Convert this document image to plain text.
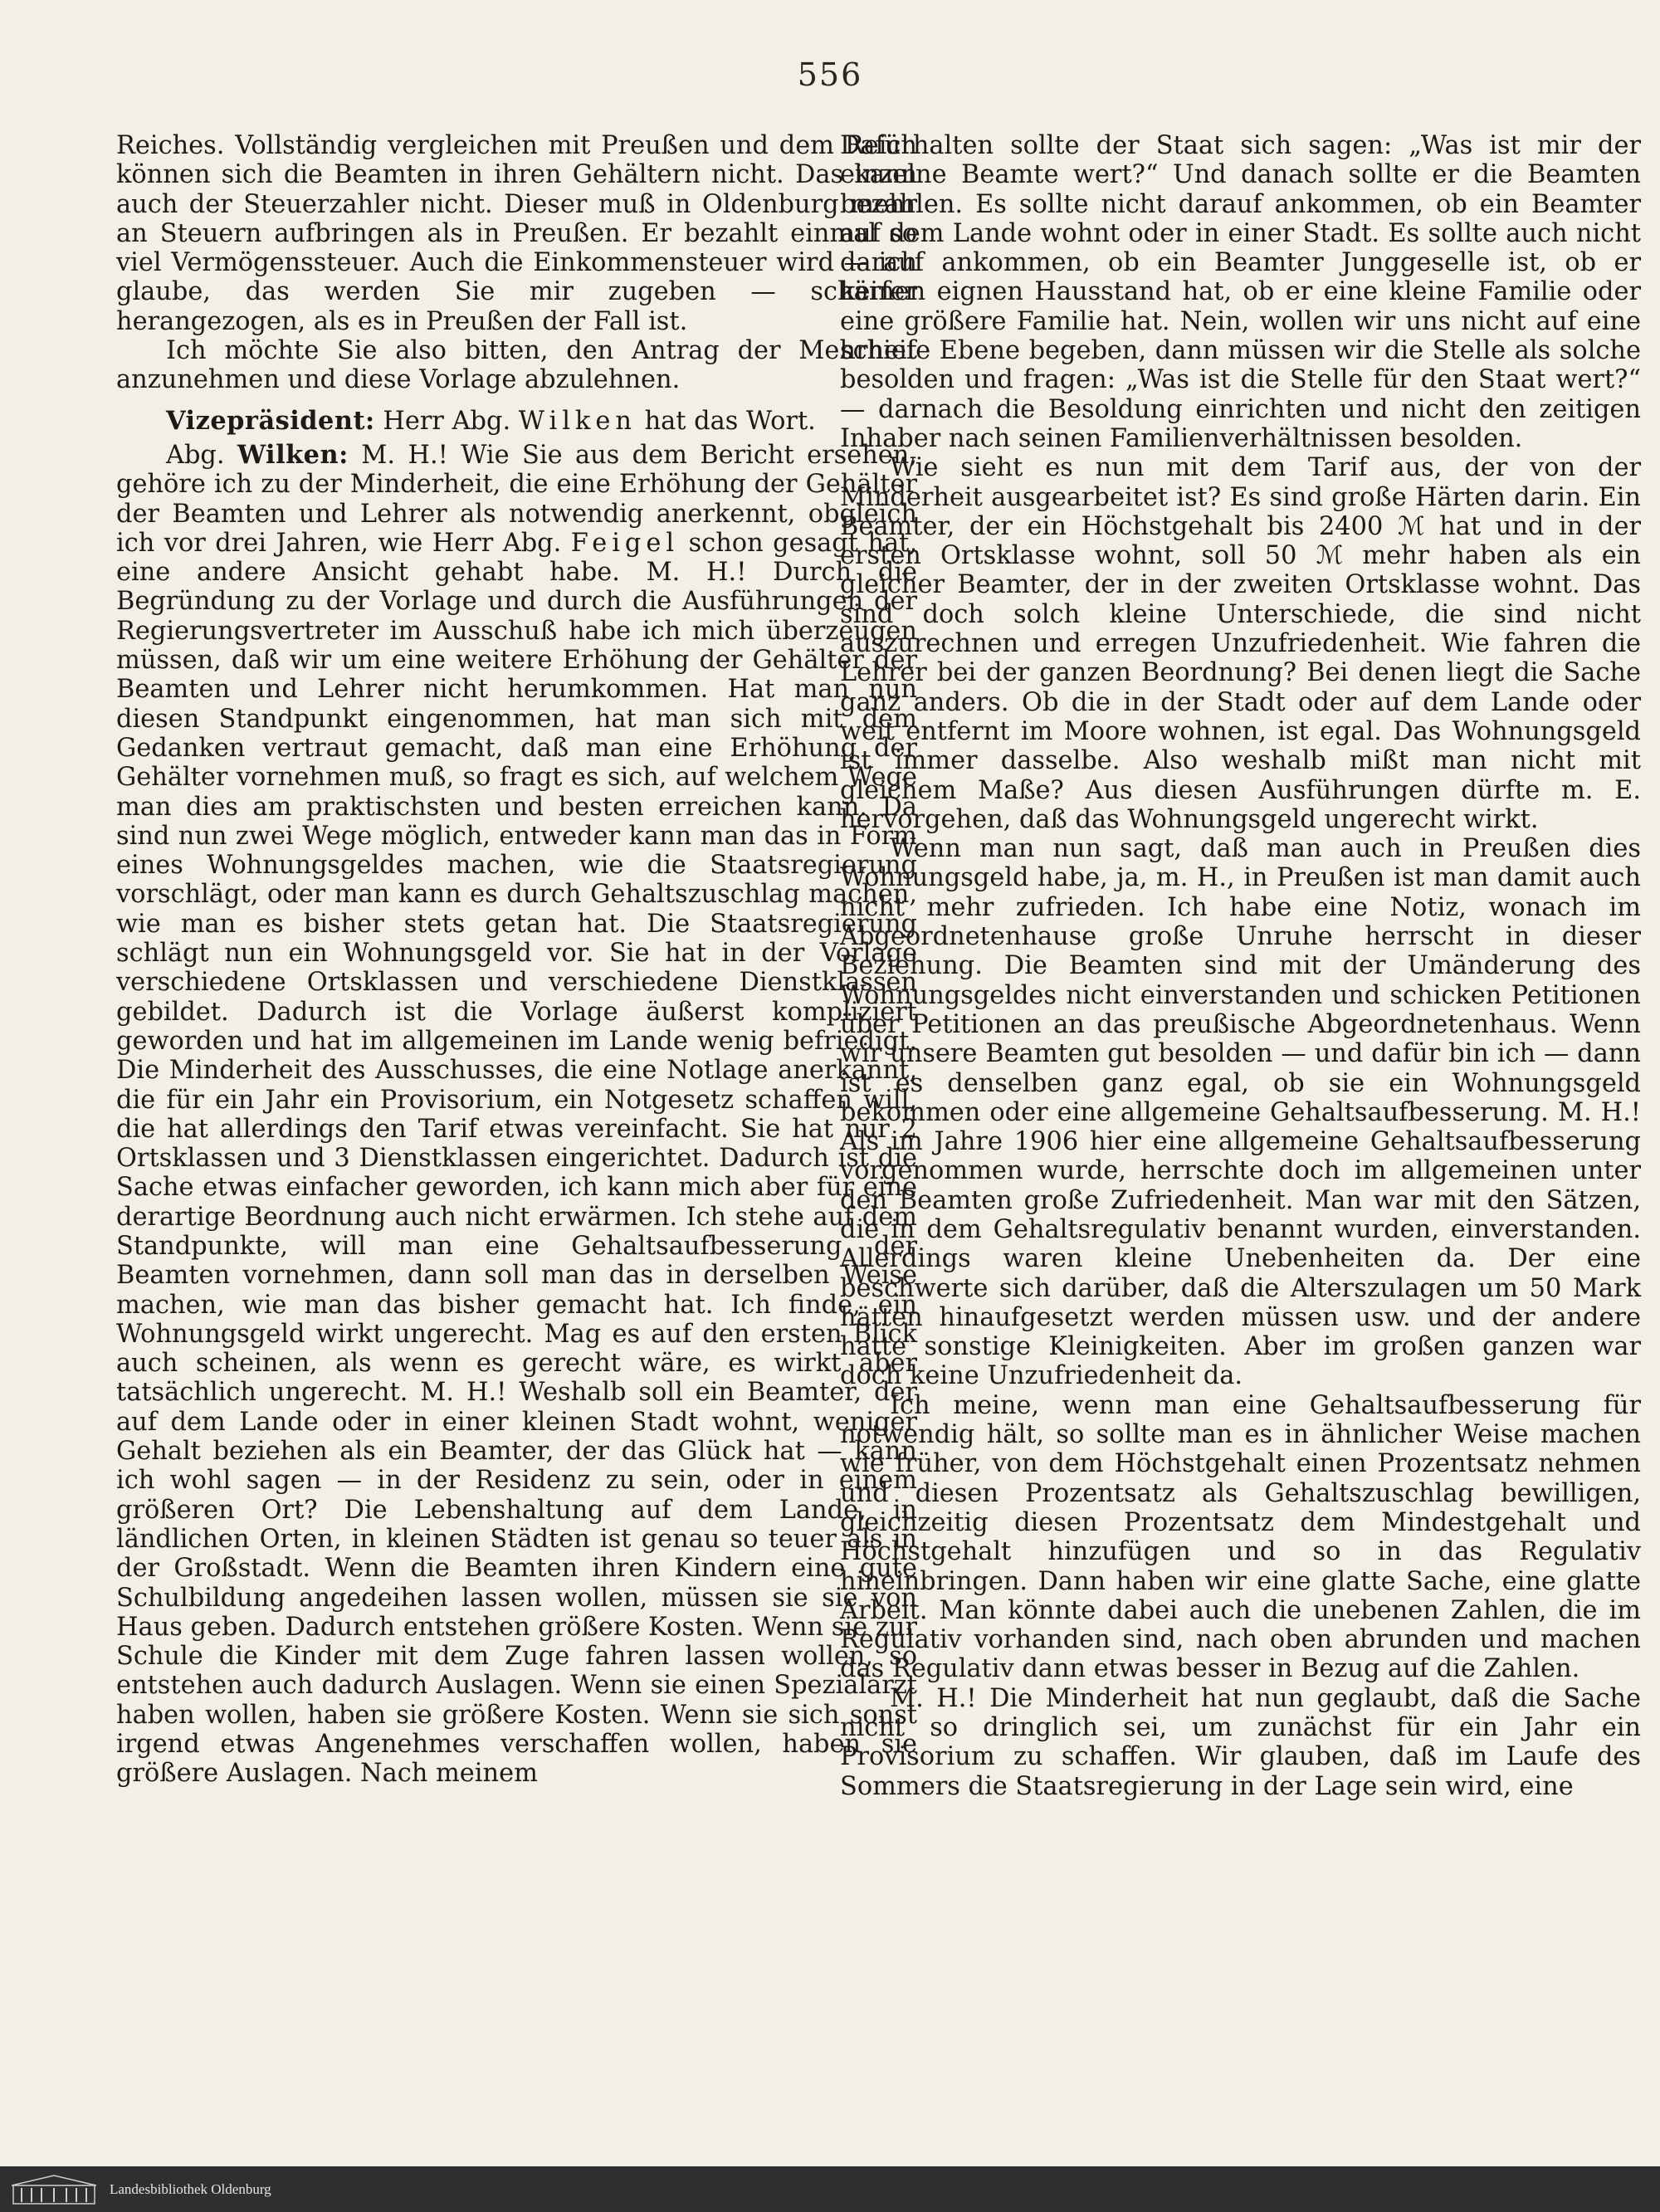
556

Reiches. Vollständig vergleichen mit Preußen und dem Reich können sich die Beamten in ihren Gehältern nicht. Das kann auch der Steuerzahler nicht. Dieser muß in Oldenburg mehr an Steuern aufbringen als in Preußen. Er bezahlt einmal so viel Vermögenssteuer. Auch die Einkommensteuer wird — ich glaube, das werden Sie mir zugeben — schärfer herangezogen, als es in Preußen der Fall ist.

Ich möchte Sie also bitten, den Antrag der Mehrheit anzunehmen und diese Vorlage abzulehnen.

Vizepräsident: Herr Abg. Wilken hat das Wort.

Abg. Wilken: M. H.! Wie Sie aus dem Bericht ersehen, gehöre ich zu der Minderheit, die eine Erhöhung der Gehälter der Beamten und Lehrer als notwendig anerkennt, obgleich ich vor drei Jahren, wie Herr Abg. Feigel schon gesagt hat, eine andere Ansicht gehabt habe. M. H.! Durch die Begründung zu der Vorlage und durch die Ausführungen der Regierungsvertreter im Ausschuß habe ich mich überzeugen müssen, daß wir um eine weitere Erhöhung der Gehälter der Beamten und Lehrer nicht herumkommen. Hat man nun diesen Standpunkt eingenommen, hat man sich mit dem Gedanken vertraut gemacht, daß man eine Erhöhung der Gehälter vornehmen muß, so fragt es sich, auf welchem Wege man dies am praktischsten und besten erreichen kann. Da sind nun zwei Wege möglich, entweder kann man das in Form eines Wohnungsgeldes machen, wie die Staatsregierung vorschlägt, oder man kann es durch Gehaltszuschlag machen, wie man es bisher stets getan hat. Die Staatsregierung schlägt nun ein Wohnungsgeld vor. Sie hat in der Vorlage verschiedene Ortsklassen und verschiedene Dienstklassen gebildet. Dadurch ist die Vorlage äußerst kompliziert geworden und hat im allgemeinen im Lande wenig befriedigt. Die Minderheit des Ausschusses, die eine Notlage anerkannt, die für ein Jahr ein Provisorium, ein Notgesetz schaffen will, die hat allerdings den Tarif etwas vereinfacht. Sie hat nur 2 Ortsklassen und 3 Dienstklassen eingerichtet. Dadurch ist die Sache etwas einfacher geworden, ich kann mich aber für eine derartige Beordnung auch nicht erwärmen. Ich stehe auf dem Standpunkte, will man eine Gehaltsaufbesserung der Beamten vornehmen, dann soll man das in derselben Weise machen, wie man das bisher gemacht hat. Ich finde, ein Wohnungsgeld wirkt ungerecht. Mag es auf den ersten Blick auch scheinen, als wenn es gerecht wäre, es wirkt aber tatsächlich ungerecht. M. H.! Weshalb soll ein Beamter, der auf dem Lande oder in einer kleinen Stadt wohnt, weniger Gehalt beziehen als ein Beamter, der das Glück hat — kann ich wohl sagen — in der Residenz zu sein, oder in einem größeren Ort? Die Lebenshaltung auf dem Lande, in ländlichen Orten, in kleinen Städten ist genau so teuer als in der Großstadt. Wenn die Beamten ihren Kindern eine gute Schulbildung angedeihen lassen wollen, müssen sie sie von Haus geben. Dadurch entstehen größere Kosten. Wenn sie zur Schule die Kinder mit dem Zuge fahren lassen wollen, so entstehen auch dadurch Auslagen. Wenn sie einen Spezialarzt haben wollen, haben sie größere Kosten. Wenn sie sich sonst irgend etwas Angenehmes verschaffen wollen, haben sie größere Auslagen. Nach meinem

Dafürhalten sollte der Staat sich sagen: „Was ist mir der einzelne Beamte wert?“ Und danach sollte er die Beamten bezahlen. Es sollte nicht darauf ankommen, ob ein Beamter auf dem Lande wohnt oder in einer Stadt. Es sollte auch nicht darauf ankommen, ob ein Beamter Junggeselle ist, ob er keinen eignen Hausstand hat, ob er eine kleine Familie oder eine größere Familie hat. Nein, wollen wir uns nicht auf eine schiefe Ebene begeben, dann müssen wir die Stelle als solche besolden und fragen: „Was ist die Stelle für den Staat wert?“ — darnach die Besoldung einrichten und nicht den zeitigen Inhaber nach seinen Familienverhältnissen besolden.

Wie sieht es nun mit dem Tarif aus, der von der Minderheit ausgearbeitet ist? Es sind große Härten darin. Ein Beamter, der ein Höchstgehalt bis 2400 ℳ hat und in der ersten Ortsklasse wohnt, soll 50 ℳ mehr haben als ein gleicher Beamter, der in der zweiten Ortsklasse wohnt. Das sind doch solch kleine Unterschiede, die sind nicht auszurechnen und erregen Unzufriedenheit. Wie fahren die Lehrer bei der ganzen Beordnung? Bei denen liegt die Sache ganz anders. Ob die in der Stadt oder auf dem Lande oder weit entfernt im Moore wohnen, ist egal. Das Wohnungsgeld ist immer dasselbe. Also weshalb mißt man nicht mit gleichem Maße? Aus diesen Ausführungen dürfte m. E. hervorgehen, daß das Wohnungsgeld ungerecht wirkt.

Wenn man nun sagt, daß man auch in Preußen dies Wohnungsgeld habe, ja, m. H., in Preußen ist man damit auch nicht mehr zufrieden. Ich habe eine Notiz, wonach im Abgeordnetenhause große Unruhe herrscht in dieser Beziehung. Die Beamten sind mit der Umänderung des Wohnungsgeldes nicht einverstanden und schicken Petitionen über Petitionen an das preußische Abgeordnetenhaus. Wenn wir unsere Beamten gut besolden — und dafür bin ich — dann ist es denselben ganz egal, ob sie ein Wohnungsgeld bekommen oder eine allgemeine Gehaltsaufbesserung. M. H.! Als im Jahre 1906 hier eine allgemeine Gehaltsaufbesserung vorgenommen wurde, herrschte doch im allgemeinen unter den Beamten große Zufriedenheit. Man war mit den Sätzen, die in dem Gehaltsregulativ benannt wurden, einverstanden. Allerdings waren kleine Unebenheiten da. Der eine beschwerte sich darüber, daß die Alterszulagen um 50 Mark hätten hinaufgesetzt werden müssen usw. und der andere hatte sonstige Kleinigkeiten. Aber im großen ganzen war doch keine Unzufriedenheit da.

Ich meine, wenn man eine Gehaltsaufbesserung für notwendig hält, so sollte man es in ähnlicher Weise machen wie früher, von dem Höchstgehalt einen Prozentsatz nehmen und diesen Prozentsatz als Gehaltszuschlag bewilligen, gleichzeitig diesen Prozentsatz dem Mindestgehalt und Höchstgehalt hinzufügen und so in das Regulativ hineinbringen. Dann haben wir eine glatte Sache, eine glatte Arbeit. Man könnte dabei auch die unebenen Zahlen, die im Regulativ vorhanden sind, nach oben abrunden und machen das Regulativ dann etwas besser in Bezug auf die Zahlen.

M. H.! Die Minderheit hat nun geglaubt, daß die Sache nicht so dringlich sei, um zunächst für ein Jahr ein Provisorium zu schaffen. Wir glauben, daß im Laufe des Sommers die Staatsregierung in der Lage sein wird, eine

Landesbibliothek Oldenburg
